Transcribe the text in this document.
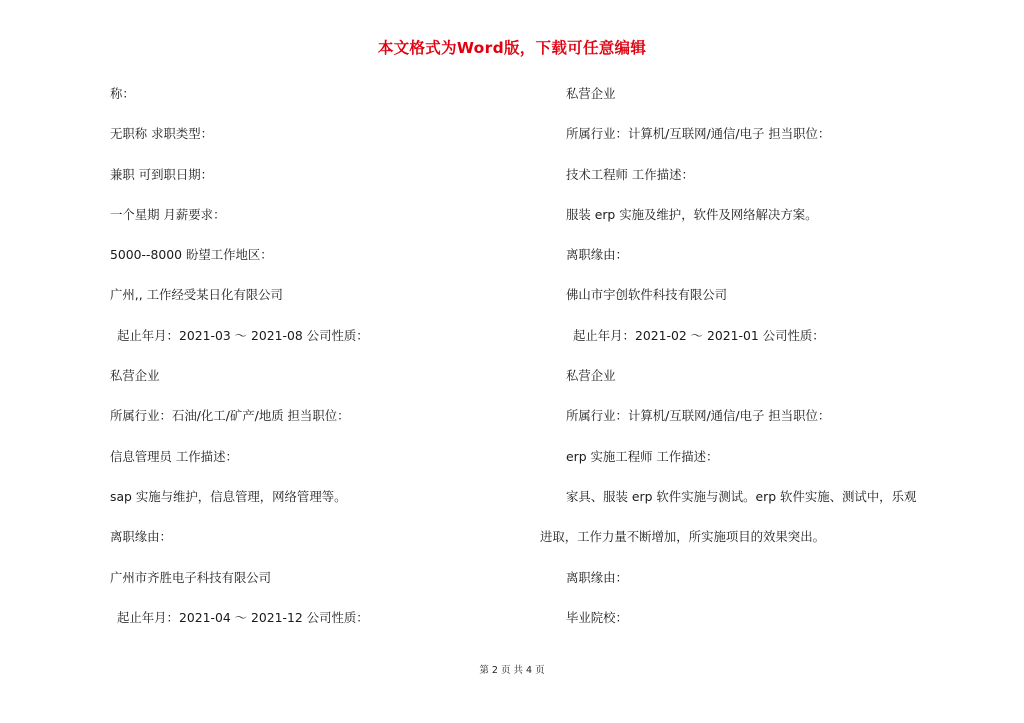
本文格式为Word版，下载可任意编辑
称：
无职称 求职类型：
兼职 可到职日期：
一个星期 月薪要求：
5000--8000 盼望工作地区：
广州,, 工作经受某日化有限公司
起止年月：2021-03 ～ 2021-08 公司性质：
私营企业
所属行业：石油/化工/矿产/地质 担当职位：
信息管理员 工作描述：
sap 实施与维护，信息管理，网络管理等。
离职缘由：
广州市齐胜电子科技有限公司
起止年月：2021-04 ～ 2021-12 公司性质：
私营企业
所属行业：计算机/互联网/通信/电子 担当职位：
技术工程师 工作描述：
服装 erp 实施及维护，软件及网络解决方案。
离职缘由：
佛山市宇创软件科技有限公司
起止年月：2021-02 ～ 2021-01 公司性质：
私营企业
所属行业：计算机/互联网/通信/电子 担当职位：
erp 实施工程师 工作描述：
家具、服装 erp 软件实施与测试。erp 软件实施、测试中，乐观
进取，工作力量不断增加，所实施项目的效果突出。
离职缘由：
毕业院校：
第 2 页 共 4 页
